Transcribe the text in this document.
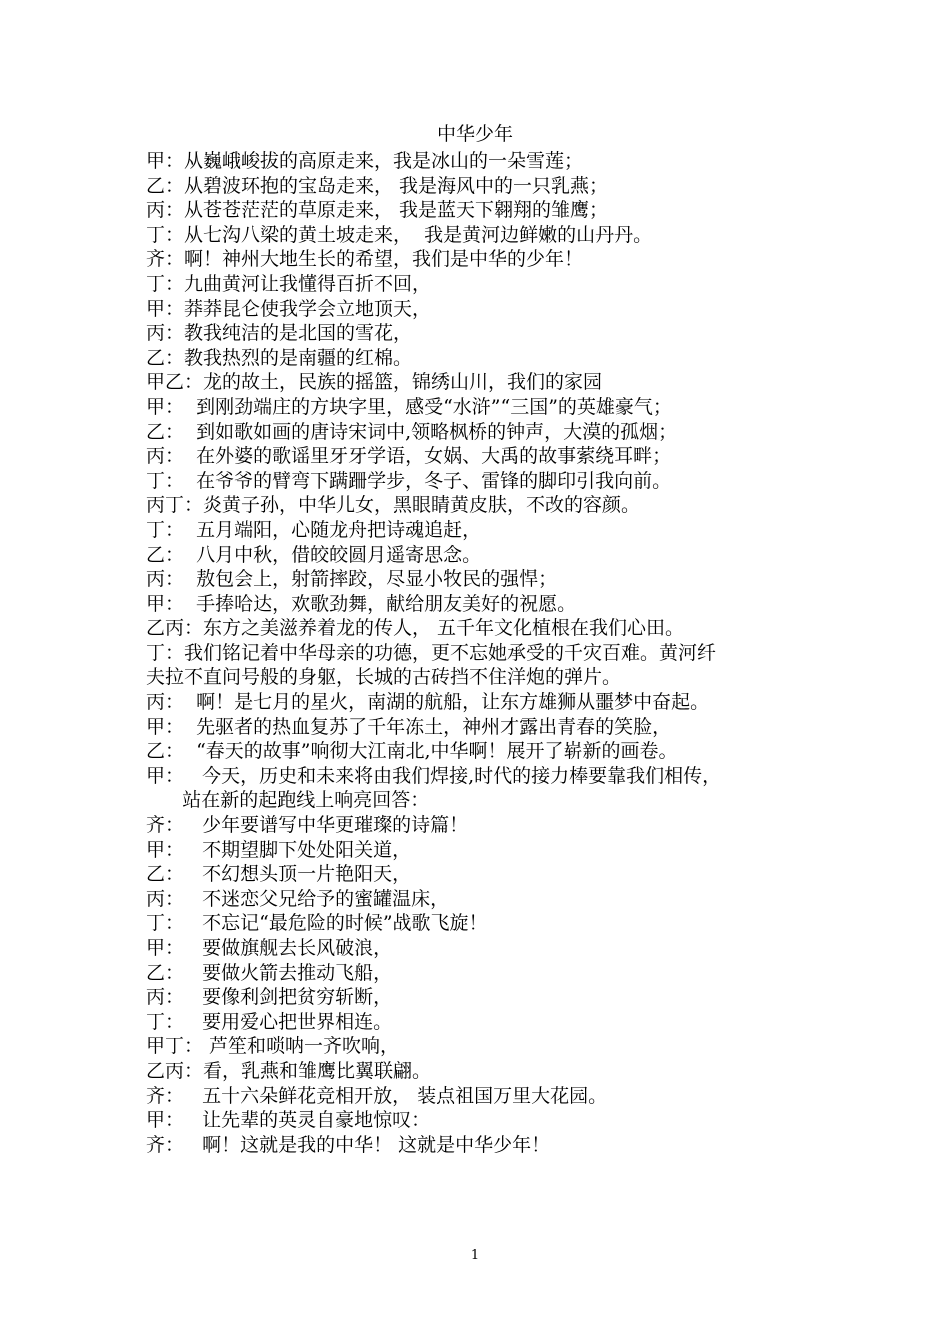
中华少年
甲：从巍峨峻拔的高原走来，我是冰山的一朵雪莲；
乙：从碧波环抱的宝岛走来， 我是海风中的一只乳燕；
丙：从苍苍茫茫的草原走来， 我是蓝天下翱翔的雏鹰；
丁：从七沟八梁的黄土坡走来，  我是黄河边鲜嫩的山丹丹。
齐：啊！神州大地生长的希望，我们是中华的少年！
丁：九曲黄河让我懂得百折不回，
甲：莽莽昆仑使我学会立地顶天，
丙：教我纯洁的是北国的雪花，
乙：教我热烈的是南疆的红棉。
甲乙：龙的故土，民族的摇篮，锦绣山川，我们的家园
甲：  到刚劲端庄的方块字里，感受“水浒”“三国”的英雄豪气；
乙：  到如歌如画的唐诗宋词中,领略枫桥的钟声，大漠的孤烟；
丙：  在外婆的歌谣里牙牙学语，女娲、大禹的故事萦绕耳畔；
丁：  在爷爷的臂弯下蹒跚学步，冬子、雷锋的脚印引我向前。
丙丁：炎黄子孙，中华儿女，黑眼睛黄皮肤，不改的容颜。
丁：  五月端阳，心随龙舟把诗魂追赶，
乙：  八月中秋，借皎皎圆月遥寄思念。
丙：  敖包会上，射箭摔跤，尽显小牧民的强悍；
甲：  手捧哈达，欢歌劲舞，献给朋友美好的祝愿。
乙丙：东方之美滋养着龙的传人， 五千年文化植根在我们心田。
丁：我们铭记着中华母亲的功德，更不忘她承受的千灾百难。黄河纤
夫拉不直问号般的身躯，长城的古砖挡不住洋炮的弹片。
丙：  啊！是七月的星火，南湖的航船，让东方雄狮从噩梦中奋起。
甲：  先驱者的热血复苏了千年冻土，神州才露出青春的笑脸，
乙：  “春天的故事”响彻大江南北,中华啊！展开了崭新的画卷。
甲：   今天，历史和未来将由我们焊接,时代的接力棒要靠我们相传，
站在新的起跑线上响亮回答：
齐：   少年要谱写中华更璀璨的诗篇！
甲：   不期望脚下处处阳关道，
乙：   不幻想头顶一片艳阳天，
丙：   不迷恋父兄给予的蜜罐温床，
丁：   不忘记“最危险的时候”战歌飞旋！
甲：   要做旗舰去长风破浪，
乙：   要做火箭去推动飞船，
丙：   要像利剑把贫穷斩断，
丁：   要用爱心把世界相连。
甲丁： 芦笙和唢呐一齐吹响，
乙丙：看，乳燕和雏鹰比翼联翩。
齐：   五十六朵鲜花竞相开放， 装点祖国万里大花园。
甲：   让先辈的英灵自豪地惊叹：
齐：   啊！这就是我的中华！ 这就是中华少年！
1
